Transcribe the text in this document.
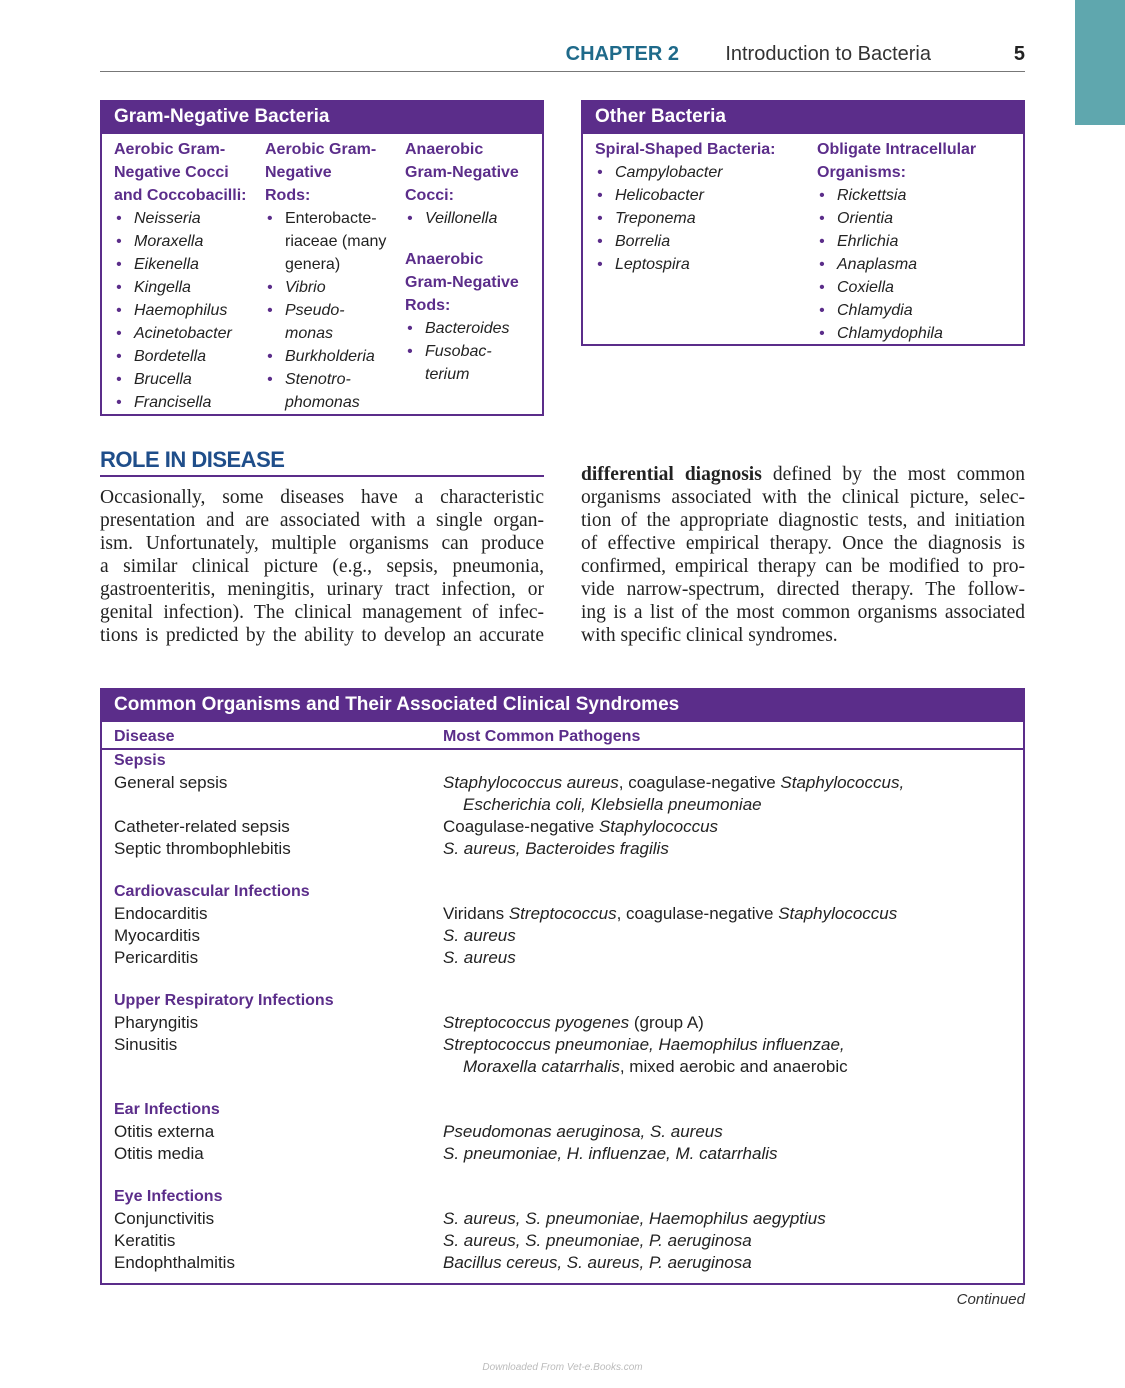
CHAPTER 2 Introduction to Bacteria	5
Gram-Negative Bacteria
Aerobic Gram-
Negative Cocci
and Coccobacilli:
• Neisseria
• Moraxella
• Eikenella
• Kingella
• Haemophilus
• Acinetobacter
• Bordetella
• Brucella
• Francisella
Aerobic Gram-
Negative
Rods:
• Enterobacte-
riaceae (many
genera)
• Vibrio
• Pseudo-
monas
• Burkholderia
• Stenotro-
phomonas
Anaerobic
Gram-Negative
Cocci:
• Veillonella
Anaerobic
Gram-Negative
Rods:
• Bacteroides
• Fusobac-
terium
Other Bacteria
Spiral-Shaped Bacteria:
• Campylobacter
• Helicobacter
• Treponema
• Borrelia
• Leptospira
Obligate Intracellular
Organisms:
• Rickettsia
• Orientia
• Ehrlichia
• Anaplasma
• Coxiella
• Chlamydia
• Chlamydophila
ROLE IN DISEASE
Occasionally, some diseases have a characteristic
presentation and are associated with a single organ-
ism. Unfortunately, multiple organisms can produce
a similar clinical picture (e.g., sepsis, pneumonia,
gastroenteritis, meningitis, urinary tract infection, or
genital infection). The clinical management of infec-
tions is predicted by the ability to develop an accurate
differential diagnosis defined by the most common
organisms associated with the clinical picture, selec-
tion of the appropriate diagnostic tests, and initiation
of effective empirical therapy. Once the diagnosis is
confirmed, empirical therapy can be modified to pro-
vide narrow-spectrum, directed therapy. The follow-
ing is a list of the most common organisms associated
with specific clinical syndromes.
Common Organisms and Their Associated Clinical Syndromes
Disease	Most Common Pathogens
Sepsis
General sepsis	Staphylococcus aureus, coagulase-negative Staphylococcus,
Escherichia coli, Klebsiella pneumoniae
Catheter-related sepsis	Coagulase-negative Staphylococcus
Septic thrombophlebitis	S. aureus, Bacteroides fragilis
Cardiovascular Infections
Endocarditis	Viridans Streptococcus, coagulase-negative Staphylococcus
Myocarditis	S. aureus
Pericarditis	S. aureus
Upper Respiratory Infections
Pharyngitis	Streptococcus pyogenes (group A)
Sinusitis	Streptococcus pneumoniae, Haemophilus influenzae,
Moraxella catarrhalis, mixed aerobic and anaerobic
Ear Infections
Otitis externa	Pseudomonas aeruginosa, S. aureus
Otitis media	S. pneumoniae, H. influenzae, M. catarrhalis
Eye Infections
Conjunctivitis	S. aureus, S. pneumoniae, Haemophilus aegyptius
Keratitis	S. aureus, S. pneumoniae, P. aeruginosa
Endophthalmitis	Bacillus cereus, S. aureus, P. aeruginosa
Continued
Downloaded From Vet-e.Books.com
